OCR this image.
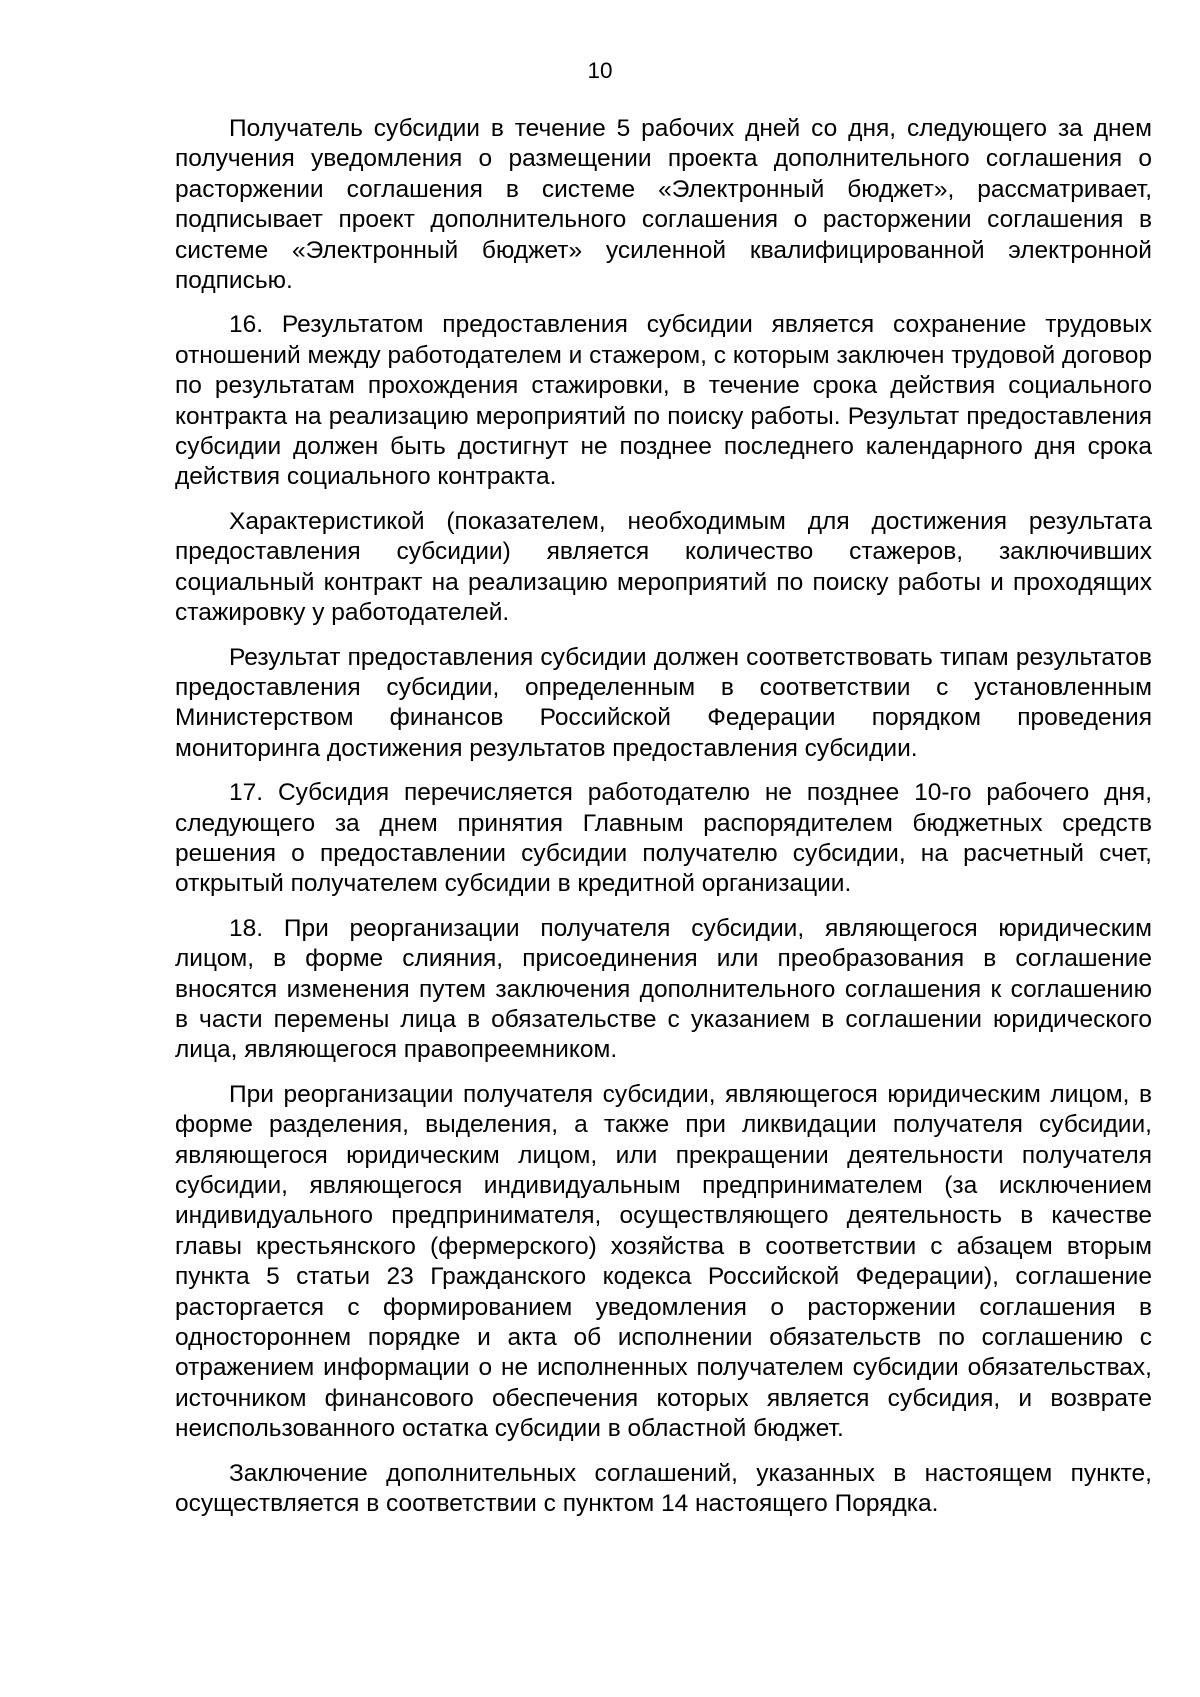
10

Получатель субсидии в течение 5 рабочих дней со дня, следующего за днем получения уведомления о размещении проекта дополнительного соглашения о расторжении соглашения в системе «Электронный бюджет», рассматривает, подписывает проект дополнительного соглашения о расторжении соглашения в системе «Электронный бюджет» усиленной квалифицированной электронной подписью.

16. Результатом предоставления субсидии является сохранение трудовых отношений между работодателем и стажером, с которым заключен трудовой договор по результатам прохождения стажировки, в течение срока действия социального контракта на реализацию мероприятий по поиску работы. Результат предоставления субсидии должен быть достигнут не позднее последнего календарного дня срока действия социального контракта.

Характеристикой (показателем, необходимым для достижения результата предоставления субсидии) является количество стажеров, заключивших социальный контракт на реализацию мероприятий по поиску работы и проходящих стажировку у работодателей.

Результат предоставления субсидии должен соответствовать типам результатов предоставления субсидии, определенным в соответствии с установленным Министерством финансов Российской Федерации порядком проведения мониторинга достижения результатов предоставления субсидии.

17. Субсидия перечисляется работодателю не позднее 10-го рабочего дня, следующего за днем принятия Главным распорядителем бюджетных средств решения о предоставлении субсидии получателю субсидии, на расчетный счет, открытый получателем субсидии в кредитной организации.

18. При реорганизации получателя субсидии, являющегося юридическим лицом, в форме слияния, присоединения или преобразования в соглашение вносятся изменения путем заключения дополнительного соглашения к соглашению в части перемены лица в обязательстве с указанием в соглашении юридического лица, являющегося правопреемником.

При реорганизации получателя субсидии, являющегося юридическим лицом, в форме разделения, выделения, а также при ликвидации получателя субсидии, являющегося юридическим лицом, или прекращении деятельности получателя субсидии, являющегося индивидуальным предпринимателем (за исключением индивидуального предпринимателя, осуществляющего деятельность в качестве главы крестьянского (фермерского) хозяйства в соответствии с абзацем вторым пункта 5 статьи 23 Гражданского кодекса Российской Федерации), соглашение расторгается с формированием уведомления о расторжении соглашения в одностороннем порядке и акта об исполнении обязательств по соглашению с отражением информации о не исполненных получателем субсидии обязательствах, источником финансового обеспечения которых является субсидия, и возврате неиспользованного остатка субсидии в областной бюджет.

Заключение дополнительных соглашений, указанных в настоящем пункте, осуществляется в соответствии с пунктом 14 настоящего Порядка.
